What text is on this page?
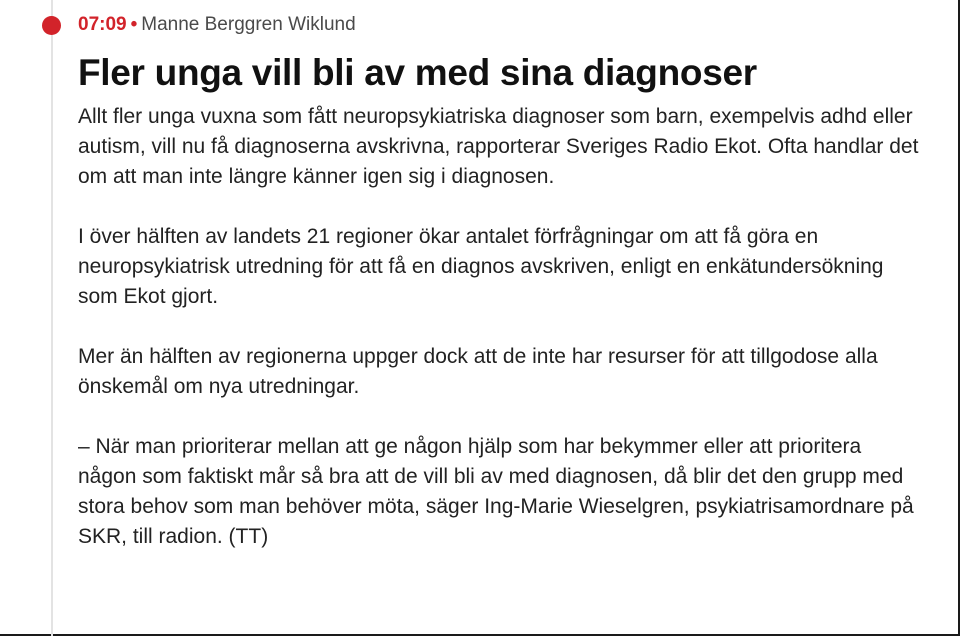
07:09 • Manne Berggren Wiklund
Fler unga vill bli av med sina diagnoser

Allt fler unga vuxna som fått neuropsykiatriska diagnoser som barn, exempelvis adhd eller autism, vill nu få diagnoserna avskrivna, rapporterar Sveriges Radio Ekot. Ofta handlar det om att man inte längre känner igen sig i diagnosen.

I över hälften av landets 21 regioner ökar antalet förfrågningar om att få göra en neuropsykiatrisk utredning för att få en diagnos avskriven, enligt en enkätundersökning som Ekot gjort.

Mer än hälften av regionerna uppger dock att de inte har resurser för att tillgodose alla önskemål om nya utredningar.

– När man prioriterar mellan att ge någon hjälp som har bekymmer eller att prioritera någon som faktiskt mår så bra att de vill bli av med diagnosen, då blir det den grupp med stora behov som man behöver möta, säger Ing-Marie Wieselgren, psykiatrisamordnare på SKR, till radion. (TT)
